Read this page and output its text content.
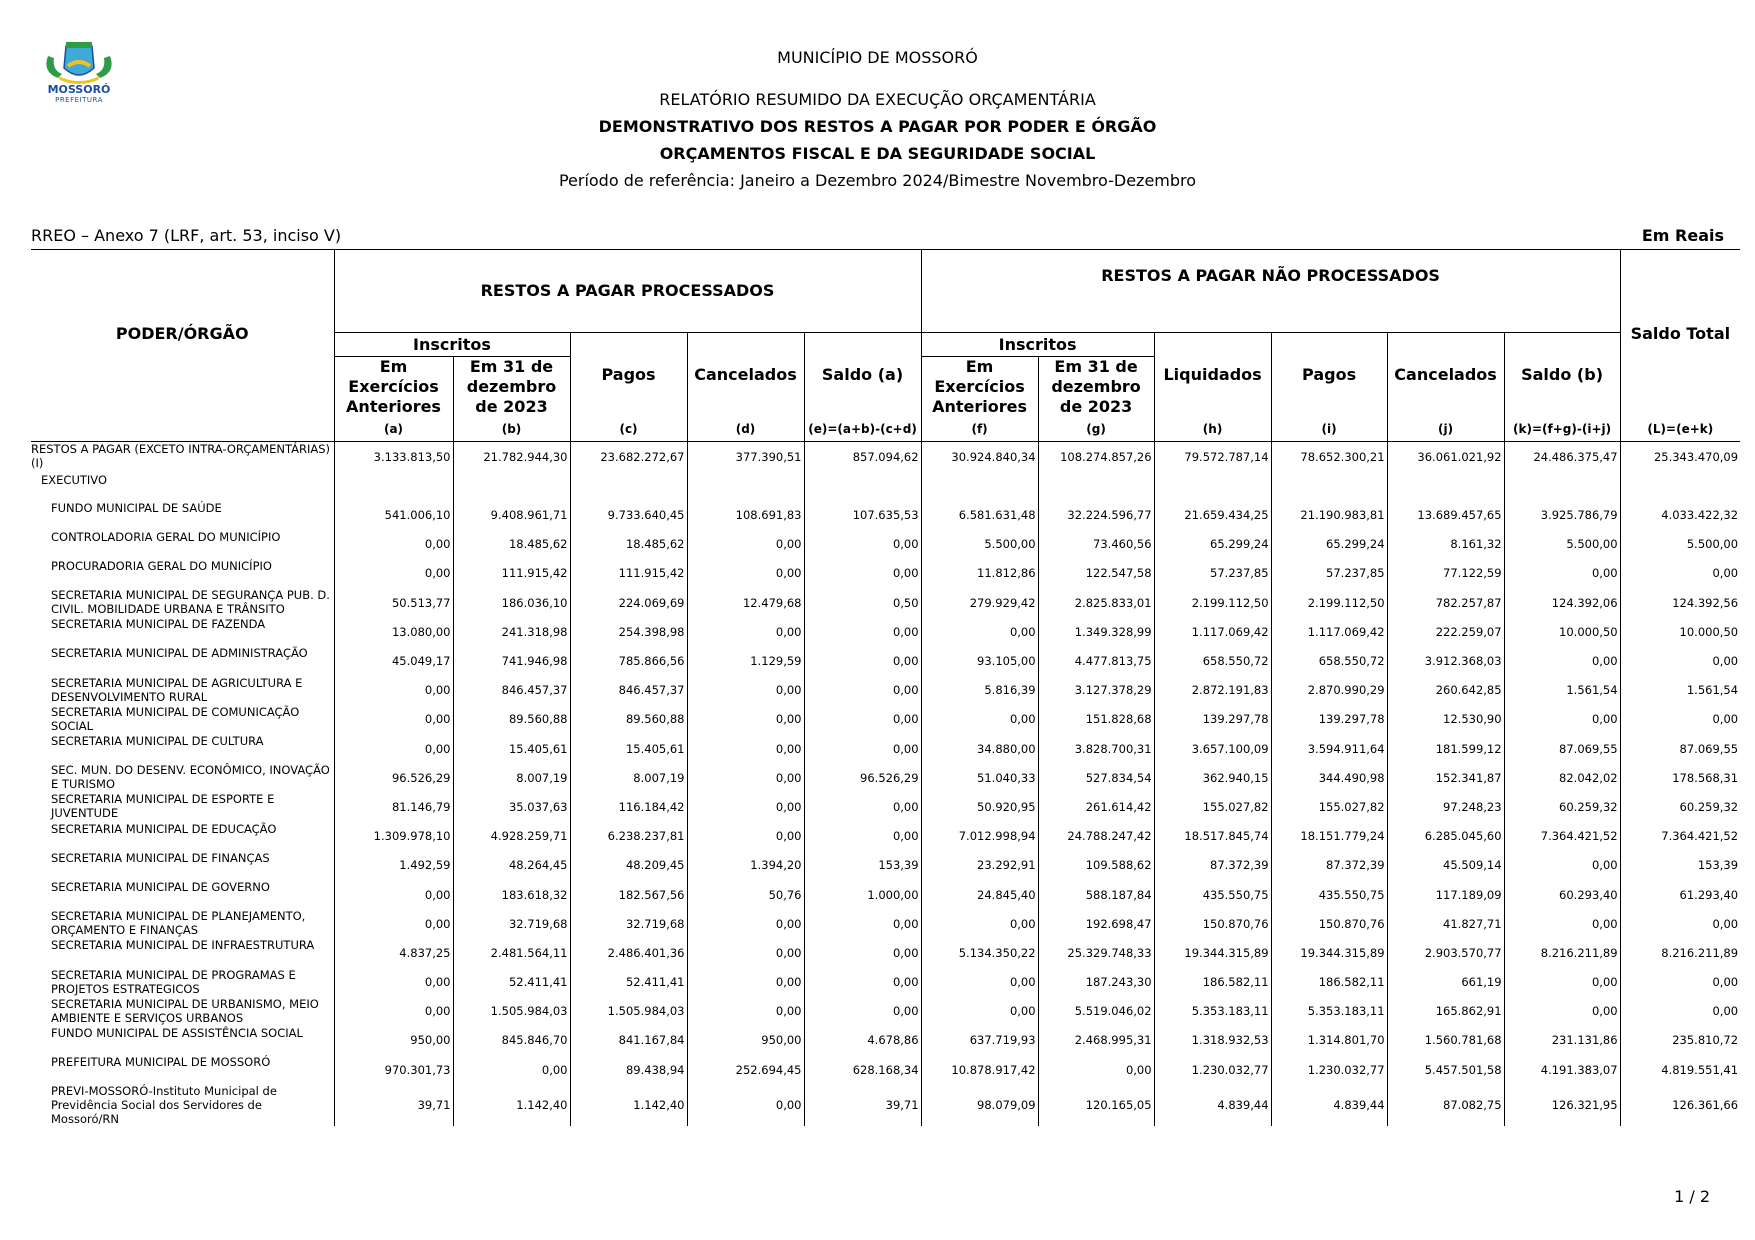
MOSSORÓ
PREFEITURA
MUNICÍPIO DE MOSSORÓ
RELATÓRIO RESUMIDO DA EXECUÇÃO ORÇAMENTÁRIA
DEMONSTRATIVO DOS RESTOS A PAGAR POR PODER E ÓRGÃO
ORÇAMENTOS FISCAL E DA SEGURIDADE SOCIAL
Período de referência: Janeiro a Dezembro 2024/Bimestre Novembro-Dezembro
RREO – Anexo 7 (LRF, art. 53, inciso V)	Em Reais
PODER/ÓRGÃO	RESTOS A PAGAR PROCESSADOS					RESTOS A PAGAR NÃO PROCESSADOS						Saldo Total
	Inscritos		Pagos	Cancelados	Saldo (a)	Inscritos		Liquidados	Pagos	Cancelados	Saldo (b)	
	Em Exercícios Anteriores	Em 31 de dezembro de 2023				Em Exercícios Anteriores	Em 31 de dezembro de 2023					
	(a)	(b)	(c)	(d)	(e)=(a+b)-(c+d)	(f)	(g)	(h)	(i)	(j)	(k)=(f+g)-(i+j)	(L)=(e+k)
RESTOS A PAGAR (EXCETO INTRA-ORÇAMENTÁRIAS) (I)	3.133.813,50	21.782.944,30	23.682.272,67	377.390,51	857.094,62	30.924.840,34	108.274.857,26	79.572.787,14	78.652.300,21	36.061.021,92	24.486.375,47	25.343.470,09
EXECUTIVO												
FUNDO MUNICIPAL DE SAÚDE	541.006,10	9.408.961,71	9.733.640,45	108.691,83	107.635,53	6.581.631,48	32.224.596,77	21.659.434,25	21.190.983,81	13.689.457,65	3.925.786,79	4.033.422,32
CONTROLADORIA GERAL DO MUNICÍPIO	0,00	18.485,62	18.485,62	0,00	0,00	5.500,00	73.460,56	65.299,24	65.299,24	8.161,32	5.500,00	5.500,00
PROCURADORIA GERAL DO MUNICÍPIO	0,00	111.915,42	111.915,42	0,00	0,00	11.812,86	122.547,58	57.237,85	57.237,85	77.122,59	0,00	0,00
SECRETARIA MUNICIPAL DE SEGURANÇA PUB. D. CIVIL. MOBILIDADE URBANA E TRÂNSITO	50.513,77	186.036,10	224.069,69	12.479,68	0,50	279.929,42	2.825.833,01	2.199.112,50	2.199.112,50	782.257,87	124.392,06	124.392,56
SECRETARIA MUNICIPAL DE FAZENDA	13.080,00	241.318,98	254.398,98	0,00	0,00	0,00	1.349.328,99	1.117.069,42	1.117.069,42	222.259,07	10.000,50	10.000,50
SECRETARIA MUNICIPAL DE ADMINISTRAÇÃO	45.049,17	741.946,98	785.866,56	1.129,59	0,00	93.105,00	4.477.813,75	658.550,72	658.550,72	3.912.368,03	0,00	0,00
SECRETARIA MUNICIPAL DE AGRICULTURA E DESENVOLVIMENTO RURAL	0,00	846.457,37	846.457,37	0,00	0,00	5.816,39	3.127.378,29	2.872.191,83	2.870.990,29	260.642,85	1.561,54	1.561,54
SECRETARIA MUNICIPAL DE COMUNICAÇÃO SOCIAL	0,00	89.560,88	89.560,88	0,00	0,00	0,00	151.828,68	139.297,78	139.297,78	12.530,90	0,00	0,00
SECRETARIA MUNICIPAL DE CULTURA	0,00	15.405,61	15.405,61	0,00	0,00	34.880,00	3.828.700,31	3.657.100,09	3.594.911,64	181.599,12	87.069,55	87.069,55
SEC. MUN. DO DESENV. ECONÔMICO, INOVAÇÃO E TURISMO	96.526,29	8.007,19	8.007,19	0,00	96.526,29	51.040,33	527.834,54	362.940,15	344.490,98	152.341,87	82.042,02	178.568,31
SECRETARIA MUNICIPAL DE ESPORTE E JUVENTUDE	81.146,79	35.037,63	116.184,42	0,00	0,00	50.920,95	261.614,42	155.027,82	155.027,82	97.248,23	60.259,32	60.259,32
SECRETARIA MUNICIPAL DE EDUCAÇÃO	1.309.978,10	4.928.259,71	6.238.237,81	0,00	0,00	7.012.998,94	24.788.247,42	18.517.845,74	18.151.779,24	6.285.045,60	7.364.421,52	7.364.421,52
SECRETARIA MUNICIPAL DE FINANÇAS	1.492,59	48.264,45	48.209,45	1.394,20	153,39	23.292,91	109.588,62	87.372,39	87.372,39	45.509,14	0,00	153,39
SECRETARIA MUNICIPAL DE GOVERNO	0,00	183.618,32	182.567,56	50,76	1.000,00	24.845,40	588.187,84	435.550,75	435.550,75	117.189,09	60.293,40	61.293,40
SECRETARIA MUNICIPAL DE PLANEJAMENTO, ORÇAMENTO E FINANÇAS	0,00	32.719,68	32.719,68	0,00	0,00	0,00	192.698,47	150.870,76	150.870,76	41.827,71	0,00	0,00
SECRETARIA MUNICIPAL DE INFRAESTRUTURA	4.837,25	2.481.564,11	2.486.401,36	0,00	0,00	5.134.350,22	25.329.748,33	19.344.315,89	19.344.315,89	2.903.570,77	8.216.211,89	8.216.211,89
SECRETARIA MUNICIPAL DE PROGRAMAS E PROJETOS ESTRATEGICOS	0,00	52.411,41	52.411,41	0,00	0,00	0,00	187.243,30	186.582,11	186.582,11	661,19	0,00	0,00
SECRETARIA MUNICIPAL DE URBANISMO, MEIO AMBIENTE E SERVIÇOS URBANOS	0,00	1.505.984,03	1.505.984,03	0,00	0,00	0,00	5.519.046,02	5.353.183,11	5.353.183,11	165.862,91	0,00	0,00
FUNDO MUNICIPAL DE ASSISTÊNCIA SOCIAL	950,00	845.846,70	841.167,84	950,00	4.678,86	637.719,93	2.468.995,31	1.318.932,53	1.314.801,70	1.560.781,68	231.131,86	235.810,72
PREFEITURA MUNICIPAL DE MOSSORÓ	970.301,73	0,00	89.438,94	252.694,45	628.168,34	10.878.917,42	0,00	1.230.032,77	1.230.032,77	5.457.501,58	4.191.383,07	4.819.551,41
PREVI-MOSSORÓ-Instituto Municipal de Previdência Social dos Servidores de Mossoró/RN	39,71	1.142,40	1.142,40	0,00	39,71	98.079,09	120.165,05	4.839,44	4.839,44	87.082,75	126.321,95	126.361,66
1 / 2
